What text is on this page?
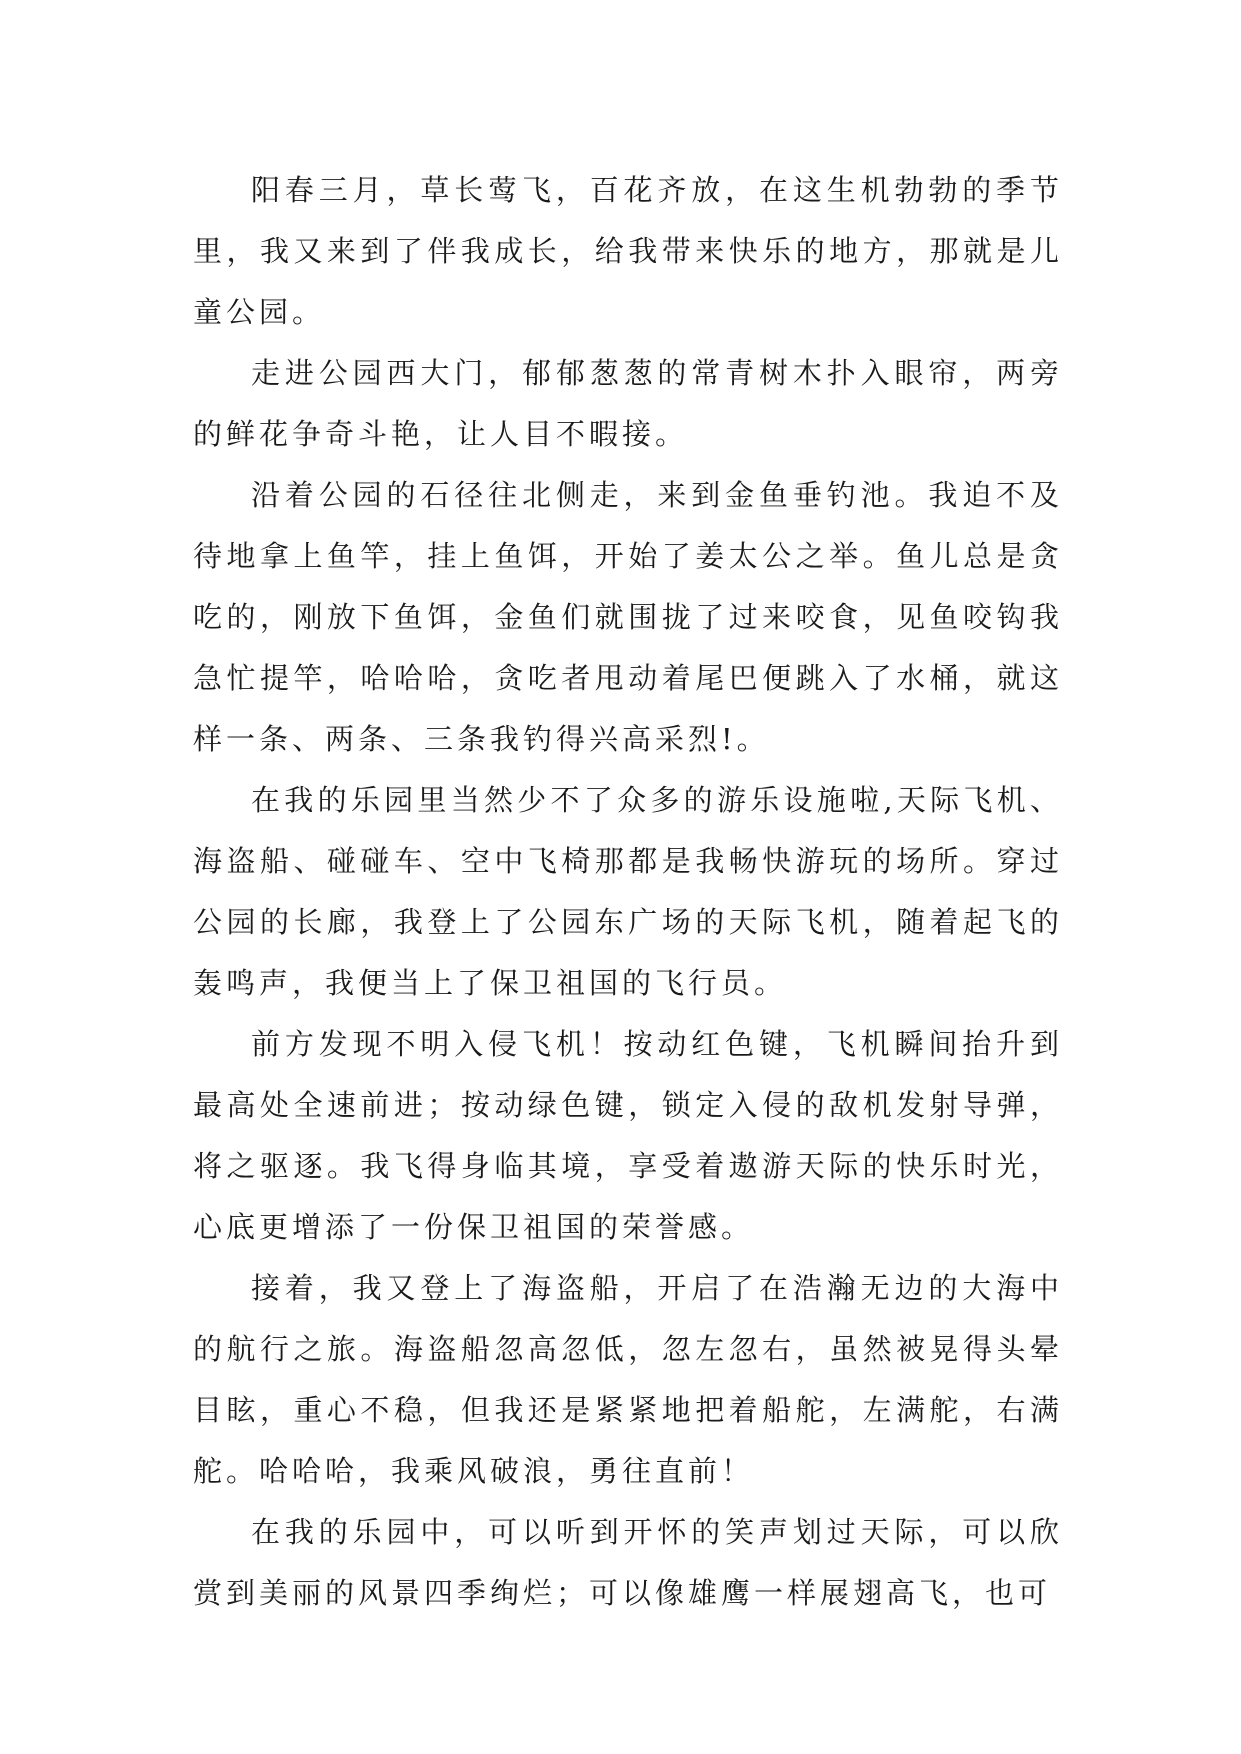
阳春三月，草长莺飞，百花齐放，在这生机勃勃的季节里，我又来到了伴我成长，给我带来快乐的地方，那就是儿童公园。

走进公园西大门，郁郁葱葱的常青树木扑入眼帘，两旁的鲜花争奇斗艳，让人目不暇接。

沿着公园的石径往北侧走，来到金鱼垂钓池。我迫不及待地拿上鱼竿，挂上鱼饵，开始了姜太公之举。鱼儿总是贪吃的，刚放下鱼饵，金鱼们就围拢了过来咬食，见鱼咬钩我急忙提竿，哈哈哈，贪吃者甩动着尾巴便跳入了水桶，就这样一条、两条、三条我钓得兴高采烈!。

在我的乐园里当然少不了众多的游乐设施啦,天际飞机、海盗船、碰碰车、空中飞椅那都是我畅快游玩的场所。穿过公园的长廊，我登上了公园东广场的天际飞机，随着起飞的轰鸣声，我便当上了保卫祖国的飞行员。

前方发现不明入侵飞机！按动红色键，飞机瞬间抬升到最高处全速前进；按动绿色键，锁定入侵的敌机发射导弹，将之驱逐。我飞得身临其境，享受着遨游天际的快乐时光，心底更增添了一份保卫祖国的荣誉感。

接着，我又登上了海盗船，开启了在浩瀚无边的大海中的航行之旅。海盗船忽高忽低，忽左忽右，虽然被晃得头晕目眩，重心不稳，但我还是紧紧地把着船舵，左满舵，右满舵。哈哈哈，我乘风破浪，勇往直前！

在我的乐园中，可以听到开怀的笑声划过天际，可以欣赏到美丽的风景四季绚烂；可以像雄鹰一样展翅高飞，也可
